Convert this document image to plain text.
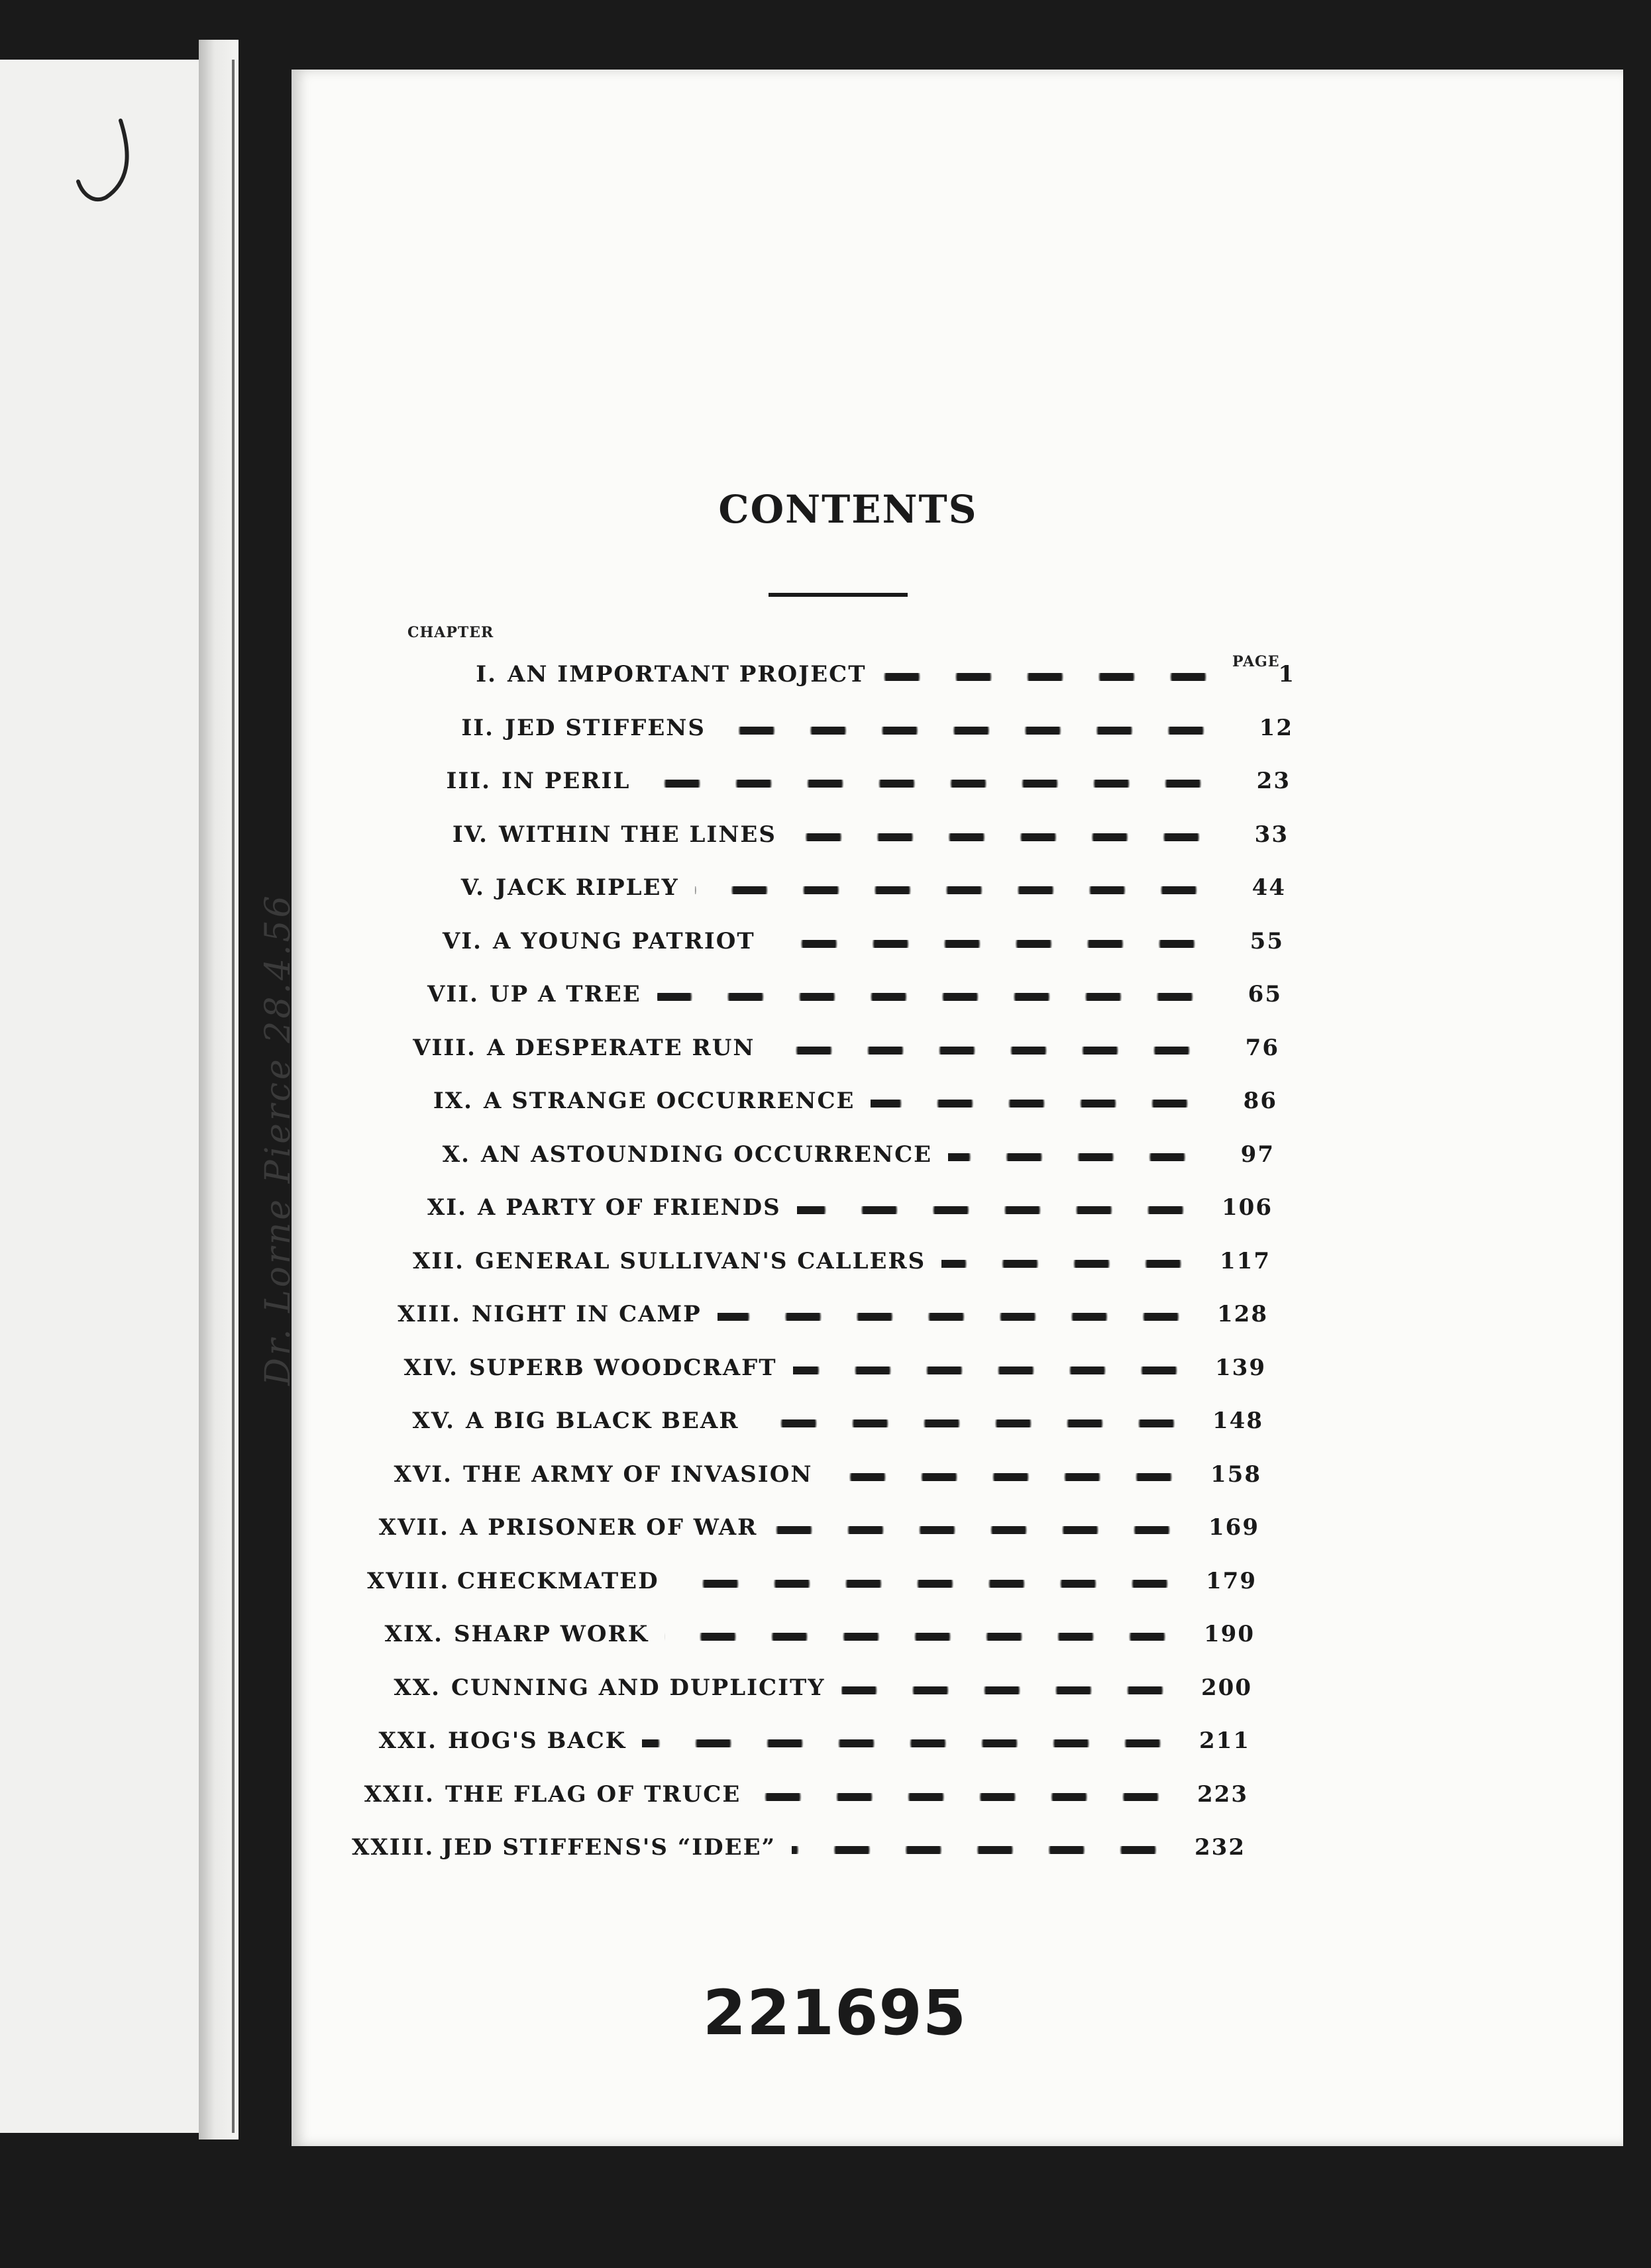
Dr. Lorne Pierce 28.4.56
CONTENTS
CHAPTER
PAGE
I. AN IMPORTANT PROJECT	1
II. JED STIFFENS	12
III. IN PERIL	23
IV. WITHIN THE LINES	33
V. JACK RIPLEY	44
VI. A YOUNG PATRIOT	55
VII. UP A TREE	65
VIII. A DESPERATE RUN	76
IX. A STRANGE OCCURRENCE	86
X. AN ASTOUNDING OCCURRENCE	97
XI. A PARTY OF FRIENDS	106
XII. GENERAL SULLIVAN'S CALLERS	117
XIII. NIGHT IN CAMP	128
XIV. SUPERB WOODCRAFT	139
XV. A BIG BLACK BEAR	148
XVI. THE ARMY OF INVASION	158
XVII. A PRISONER OF WAR	169
XVIII. CHECKMATED	179
XIX. SHARP WORK	190
XX. CUNNING AND DUPLICITY	200
XXI. HOG'S BACK	211
XXII. THE FLAG OF TRUCE	223
XXIII. JED STIFFENS'S “IDEE”	232
221695
